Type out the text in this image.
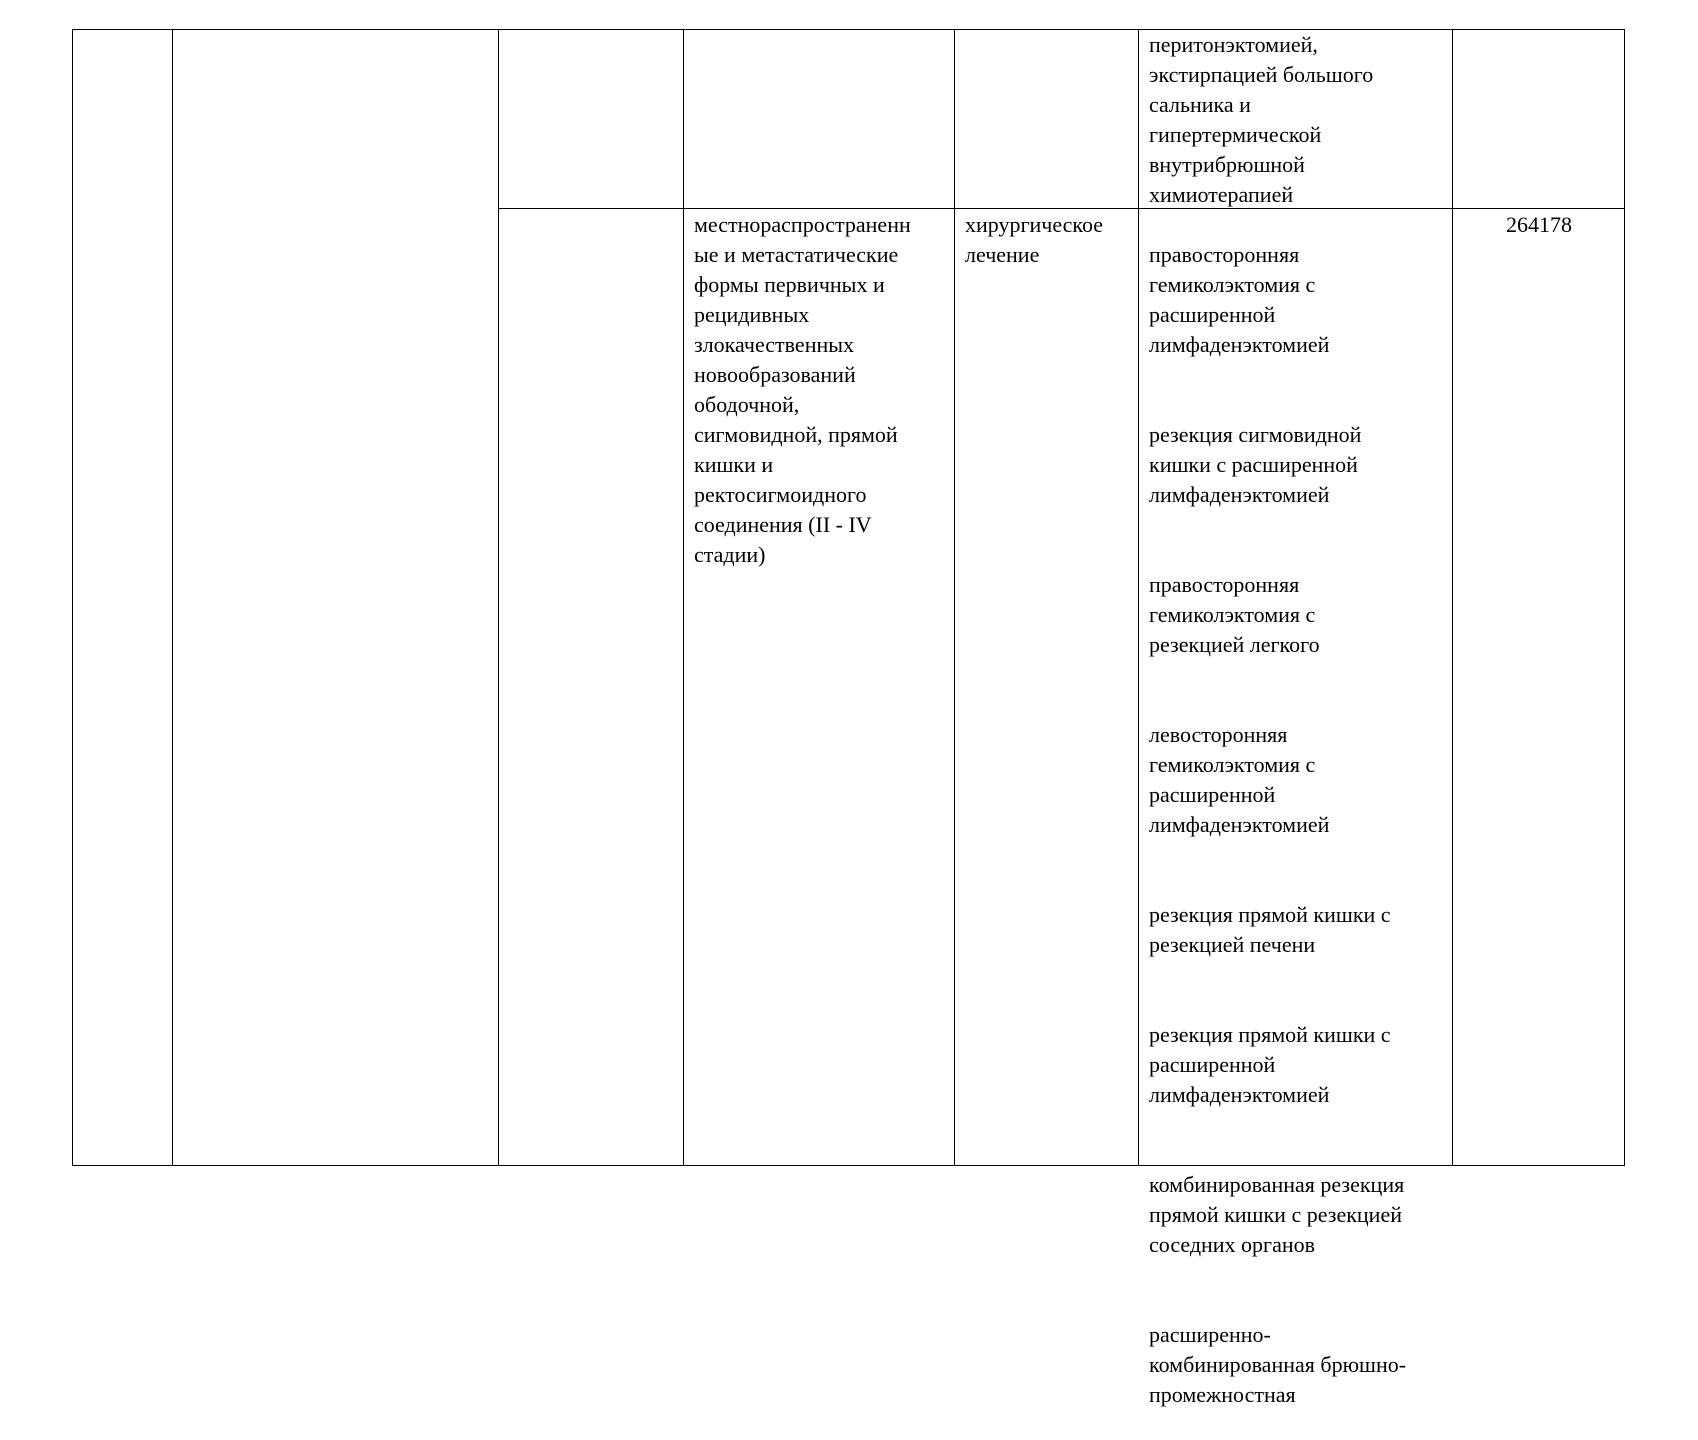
перитонэктомией,
экстирпацией большого
сальника и
гипертермической
внутрибрюшной
химиотерапией

местнораспространенн
ые и метастатические
формы первичных и
рецидивных
злокачественных
новообразований
ободочной,
сигмовидной, прямой
кишки и
ректосигмоидного
соединения (II - IV
стадии)

хирургическое
лечение	правосторонняя
гемиколэктомия с
расширенной
лимфаденэктомией

резекция сигмовидной
кишки с расширенной
лимфаденэктомией

правосторонняя
гемиколэктомия с
резекцией легкого

левосторонняя
гемиколэктомия с
расширенной
лимфаденэктомией

резекция прямой кишки с
резекцией печени

резекция прямой кишки с
расширенной
лимфаденэктомией

комбинированная резекция
прямой кишки с резекцией
соседних органов

расширенно-
комбинированная брюшно-
промежностная

264178
